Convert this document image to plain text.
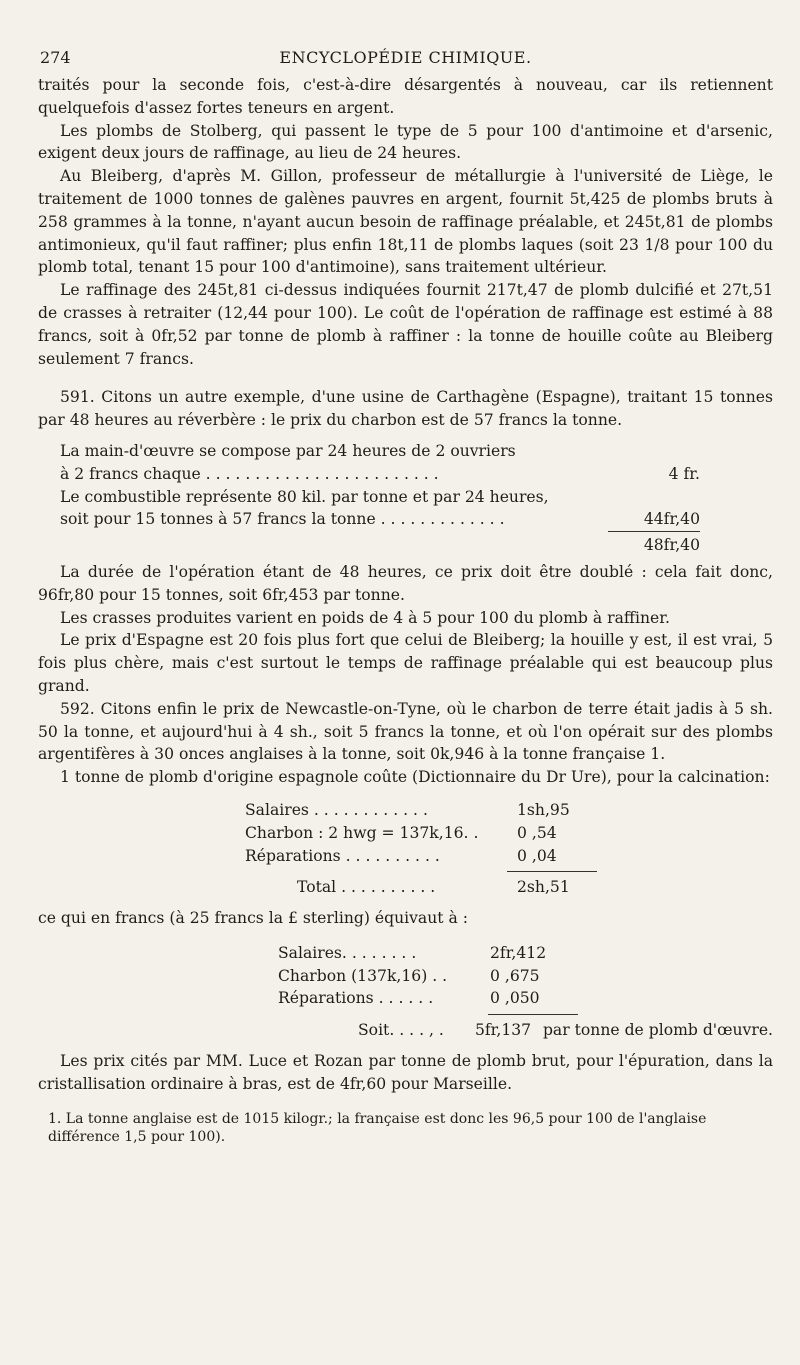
274	ENCYCLOPÉDIE CHIMIQUE.

traités pour la seconde fois, c'est-à-dire désargentés à nouveau, car ils retiennent quelquefois d'assez fortes teneurs en argent.

Les plombs de Stolberg, qui passent le type de 5 pour 100 d'antimoine et d'arsenic, exigent deux jours de raffinage, au lieu de 24 heures.

Au Bleiberg, d'après M. Gillon, professeur de métallurgie à l'université de Liège, le traitement de 1000 tonnes de galènes pauvres en argent, fournit 5t,425 de plombs bruts à 258 grammes à la tonne, n'ayant aucun besoin de raffinage préalable, et 245t,81 de plombs antimonieux, qu'il faut raffiner; plus enfin 18t,11 de plombs laques (soit 23 1/8 pour 100 du plomb total, tenant 15 pour 100 d'antimoine), sans traitement ultérieur.

Le raffinage des 245t,81 ci-dessus indiquées fournit 217t,47 de plomb dulcifié et 27t,51 de crasses à retraiter (12,44 pour 100). Le coût de l'opération de raffinage est estimé à 88 francs, soit à 0fr,52 par tonne de plomb à raffiner : la tonne de houille coûte au Bleiberg seulement 7 francs.

591. Citons un autre exemple, d'une usine de Carthagène (Espagne), traitant 15 tonnes par 48 heures au réverbère : le prix du charbon est de 57 francs la tonne.

La main-d'œuvre se compose par 24 heures de 2 ouvriers
à 2 francs chaque . . . . . . . . . . . . . . . . . . . . . . . .	4 fr.
Le combustible représente 80 kil. par tonne et par 24 heures,
soit pour 15 tonnes à 57 francs la tonne . . . . . . . . . . . . .	44fr,40
48fr,40

La durée de l'opération étant de 48 heures, ce prix doit être doublé : cela fait donc, 96fr,80 pour 15 tonnes, soit 6fr,453 par tonne.

Les crasses produites varient en poids de 4 à 5 pour 100 du plomb à raffiner.

Le prix d'Espagne est 20 fois plus fort que celui de Bleiberg; la houille y est, il est vrai, 5 fois plus chère, mais c'est surtout le temps de raffinage préalable qui est beaucoup plus grand.

592. Citons enfin le prix de Newcastle-on-Tyne, où le charbon de terre était jadis à 5 sh. 50 la tonne, et aujourd'hui à 4 sh., soit 5 francs la tonne, et où l'on opérait sur des plombs argentifères à 30 onces anglaises à la tonne, soit 0k,946 à la tonne française 1.

1 tonne de plomb d'origine espagnole coûte (Dictionnaire du Dr Ure), pour la calcination:

Salaires . . . . . . . . . . . .	1sh,95
Charbon : 2 hwg = 137k,16. .	0 ,54
Réparations . . . . . . . . . .	0 ,04
Total . . . . . . . . . .	2sh,51

ce qui en francs (à 25 francs la £ sterling) équivaut à :

Salaires. . . . . . . .	2fr,412
Charbon (137k,16) . .	0 ,675
Réparations . . . . . .	0 ,050
Soit. . . . , .	5fr,137 par tonne de plomb d'œuvre.

Les prix cités par MM. Luce et Rozan par tonne de plomb brut, pour l'épuration, dans la cristallisation ordinaire à bras, est de 4fr,60 pour Marseille.

1. La tonne anglaise est de 1015 kilogr.; la française est donc les 96,5 pour 100 de l'anglaise différence 1,5 pour 100).
